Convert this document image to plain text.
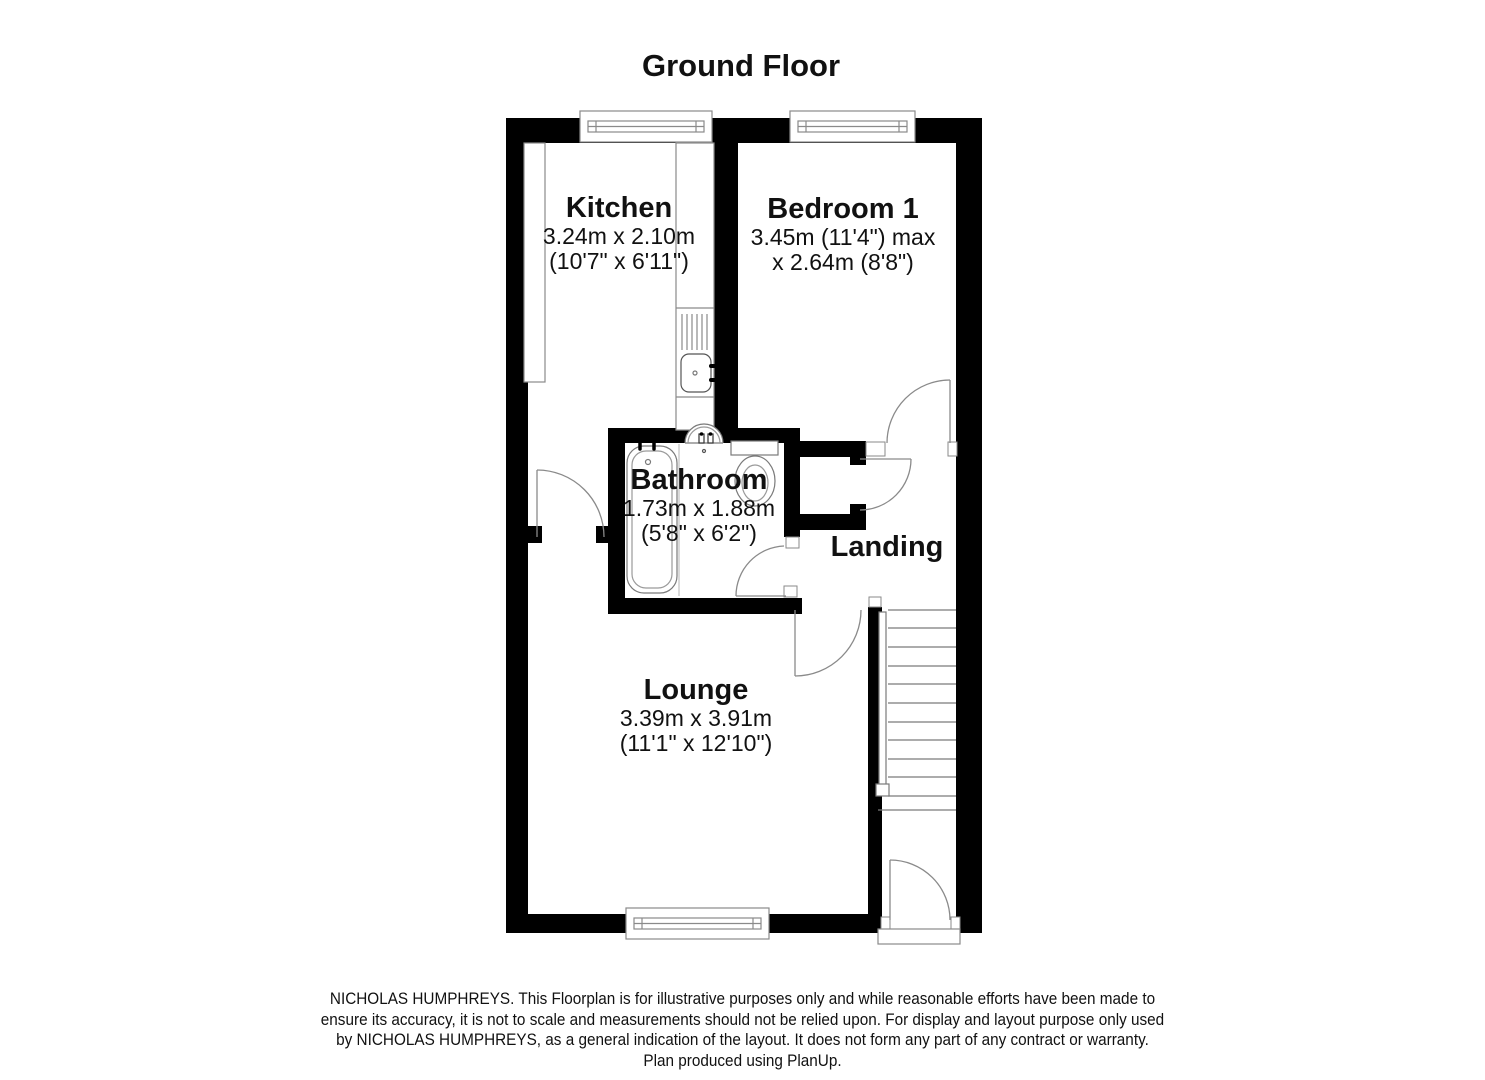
Ground Floor
Kitchen
3.24m x 2.10m
(10'7" x 6'11")
Bedroom 1
3.45m (11'4") max
x 2.64m (8'8")
Bathroom
1.73m x 1.88m
(5'8" x 6'2")	Landing
Lounge
3.39m x 3.91m
(11'1" x 12'10")
NICHOLAS HUMPHREYS. This Floorplan is for illustrative purposes only and while reasonable efforts have been made to
ensure its accuracy, it is not to scale and measurements should not be relied upon. For display and layout purpose only used
by NICHOLAS HUMPHREYS, as a general indication of the layout. It does not form any part of any contract or warranty.
Plan produced using PlanUp.
